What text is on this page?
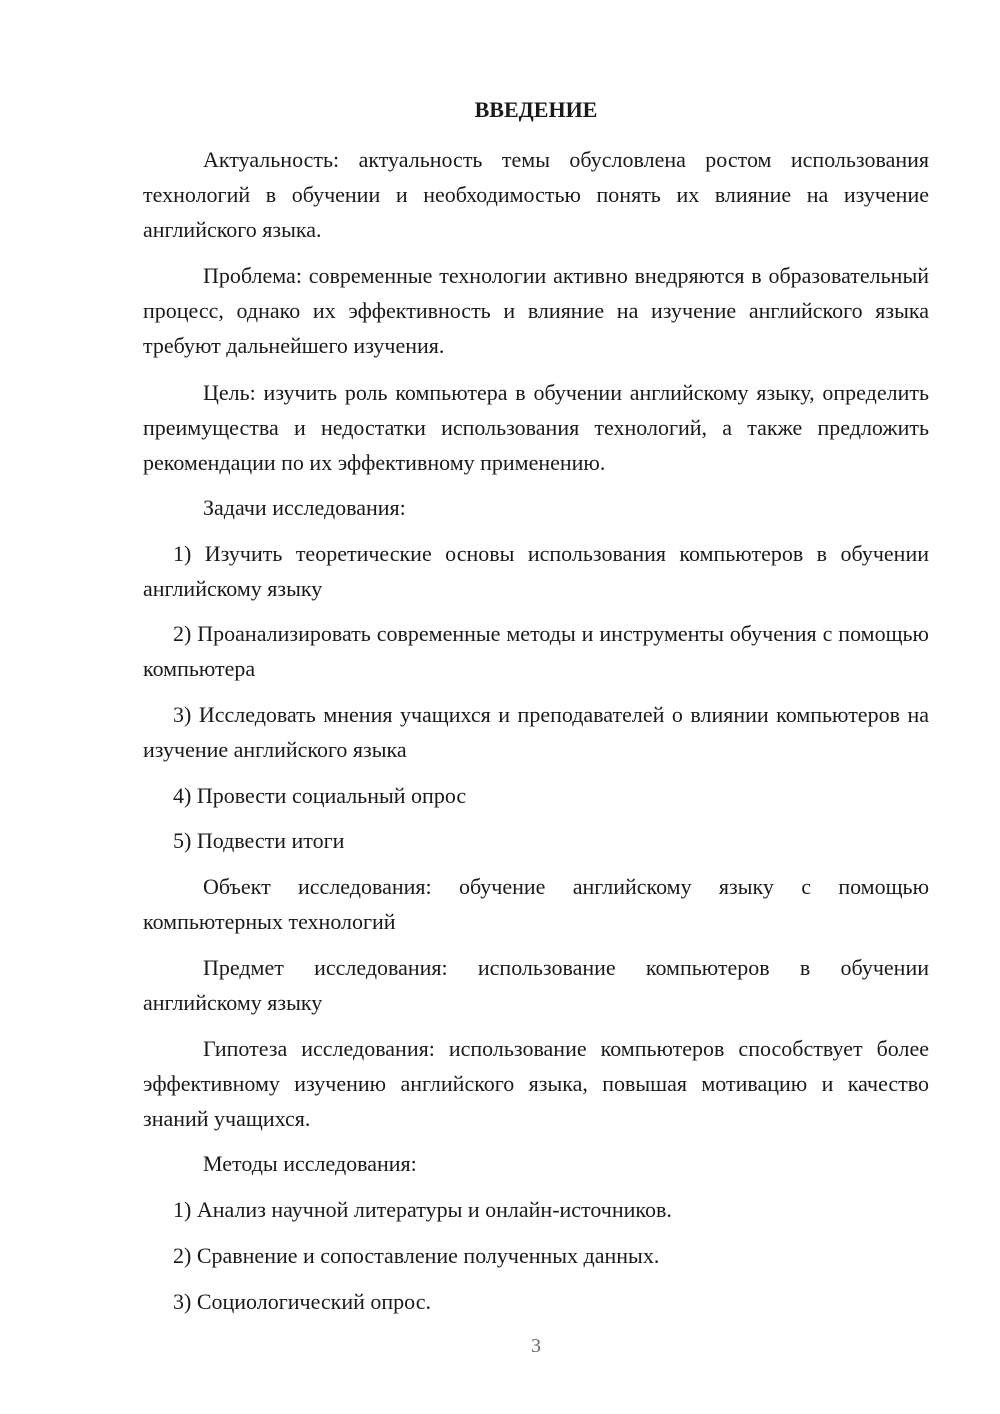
ВВЕДЕНИЕ

Актуальность: актуальность темы обусловлена ростом использования технологий в обучении и необходимостью понять их влияние на изучение английского языка.

Проблема: современные технологии активно внедряются в образовательный процесс, однако их эффективность и влияние на изучение английского языка требуют дальнейшего изучения.

Цель: изучить роль компьютера в обучении английскому языку, определить преимущества и недостатки использования технологий, а также предложить рекомендации по их эффективному применению.

Задачи исследования:

1) Изучить теоретические основы использования компьютеров в обучении английскому языку

2) Проанализировать современные методы и инструменты обучения с помощью компьютера

3) Исследовать мнения учащихся и преподавателей о влиянии компьютеров на изучение английского языка

4) Провести социальный опрос

5) Подвести итоги

Объект исследования: обучение английскому языку с помощью компьютерных технологий

Предмет исследования: использование компьютеров в обучении английскому языку

Гипотеза исследования: использование компьютеров способствует более эффективному изучению английского языка, повышая мотивацию и качество знаний учащихся.

Методы исследования:

1) Анализ научной литературы и онлайн-источников.

2) Сравнение и сопоставление полученных данных.

3) Социологический опрос.

3
